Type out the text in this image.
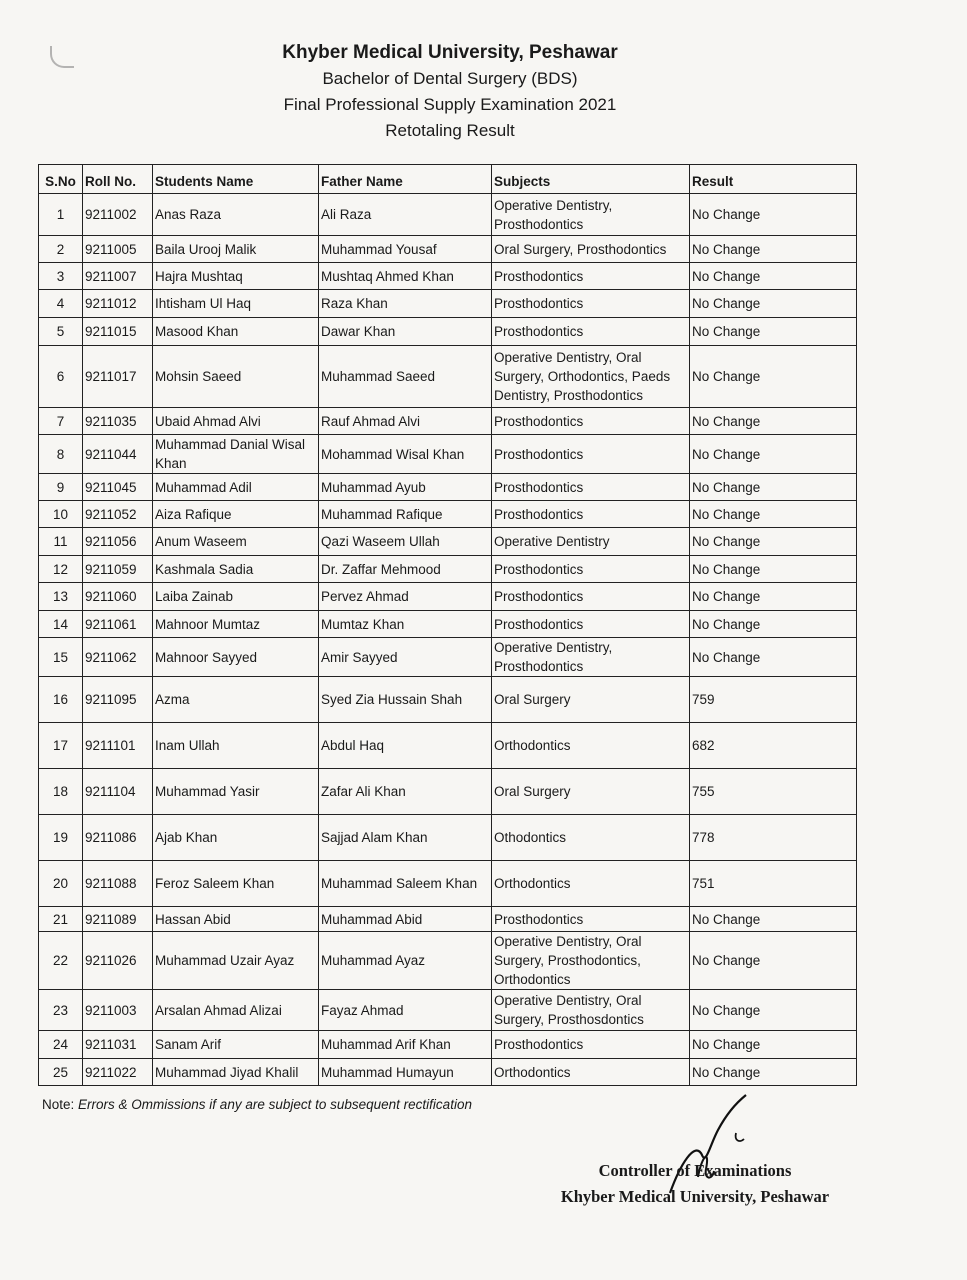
Khyber Medical University, Peshawar
Bachelor of Dental Surgery (BDS)
Final Professional Supply Examination 2021
Retotaling Result
S.No	Roll No.	Students Name	Father Name	Subjects	Result
1	9211002	Anas Raza	Ali Raza	Operative Dentistry, Prosthodontics	No Change
2	9211005	Baila Urooj Malik	Muhammad Yousaf	Oral Surgery, Prosthodontics	No Change
3	9211007	Hajra Mushtaq	Mushtaq Ahmed Khan	Prosthodontics	No Change
4	9211012	Ihtisham Ul Haq	Raza Khan	Prosthodontics	No Change
5	9211015	Masood Khan	Dawar Khan	Prosthodontics	No Change
6	9211017	Mohsin Saeed	Muhammad Saeed	Operative Dentistry, Oral Surgery, Orthodontics, Paeds Dentistry, Prosthodontics	No Change
7	9211035	Ubaid Ahmad Alvi	Rauf Ahmad Alvi	Prosthodontics	No Change
8	9211044	Muhammad Danial Wisal Khan	Mohammad Wisal Khan	Prosthodontics	No Change
9	9211045	Muhammad Adil	Muhammad Ayub	Prosthodontics	No Change
10	9211052	Aiza Rafique	Muhammad Rafique	Prosthodontics	No Change
11	9211056	Anum Waseem	Qazi Waseem Ullah	Operative Dentistry	No Change
12	9211059	Kashmala Sadia	Dr. Zaffar Mehmood	Prosthodontics	No Change
13	9211060	Laiba Zainab	Pervez Ahmad	Prosthodontics	No Change
14	9211061	Mahnoor Mumtaz	Mumtaz Khan	Prosthodontics	No Change
15	9211062	Mahnoor Sayyed	Amir Sayyed	Operative Dentistry, Prosthodontics	No Change
16	9211095	Azma	Syed Zia Hussain Shah	Oral Surgery	759
17	9211101	Inam Ullah	Abdul Haq	Orthodontics	682
18	9211104	Muhammad Yasir	Zafar Ali Khan	Oral Surgery	755
19	9211086	Ajab Khan	Sajjad Alam Khan	Othodontics	778
20	9211088	Feroz Saleem Khan	Muhammad Saleem Khan	Orthodontics	751
21	9211089	Hassan Abid	Muhammad Abid	Prosthodontics	No Change
22	9211026	Muhammad Uzair Ayaz	Muhammad Ayaz	Operative Dentistry, Oral Surgery, Prosthodontics, Orthodontics	No Change
23	9211003	Arsalan Ahmad Alizai	Fayaz Ahmad	Operative Dentistry, Oral Surgery, Prosthosdontics	No Change
24	9211031	Sanam Arif	Muhammad Arif Khan	Prosthodontics	No Change
25	9211022	Muhammad Jiyad Khalil	Muhammad Humayun	Orthodontics	No Change
Note: Errors & Ommissions if any are subject to subsequent rectification
Controller of Examinations
Khyber Medical University, Peshawar
